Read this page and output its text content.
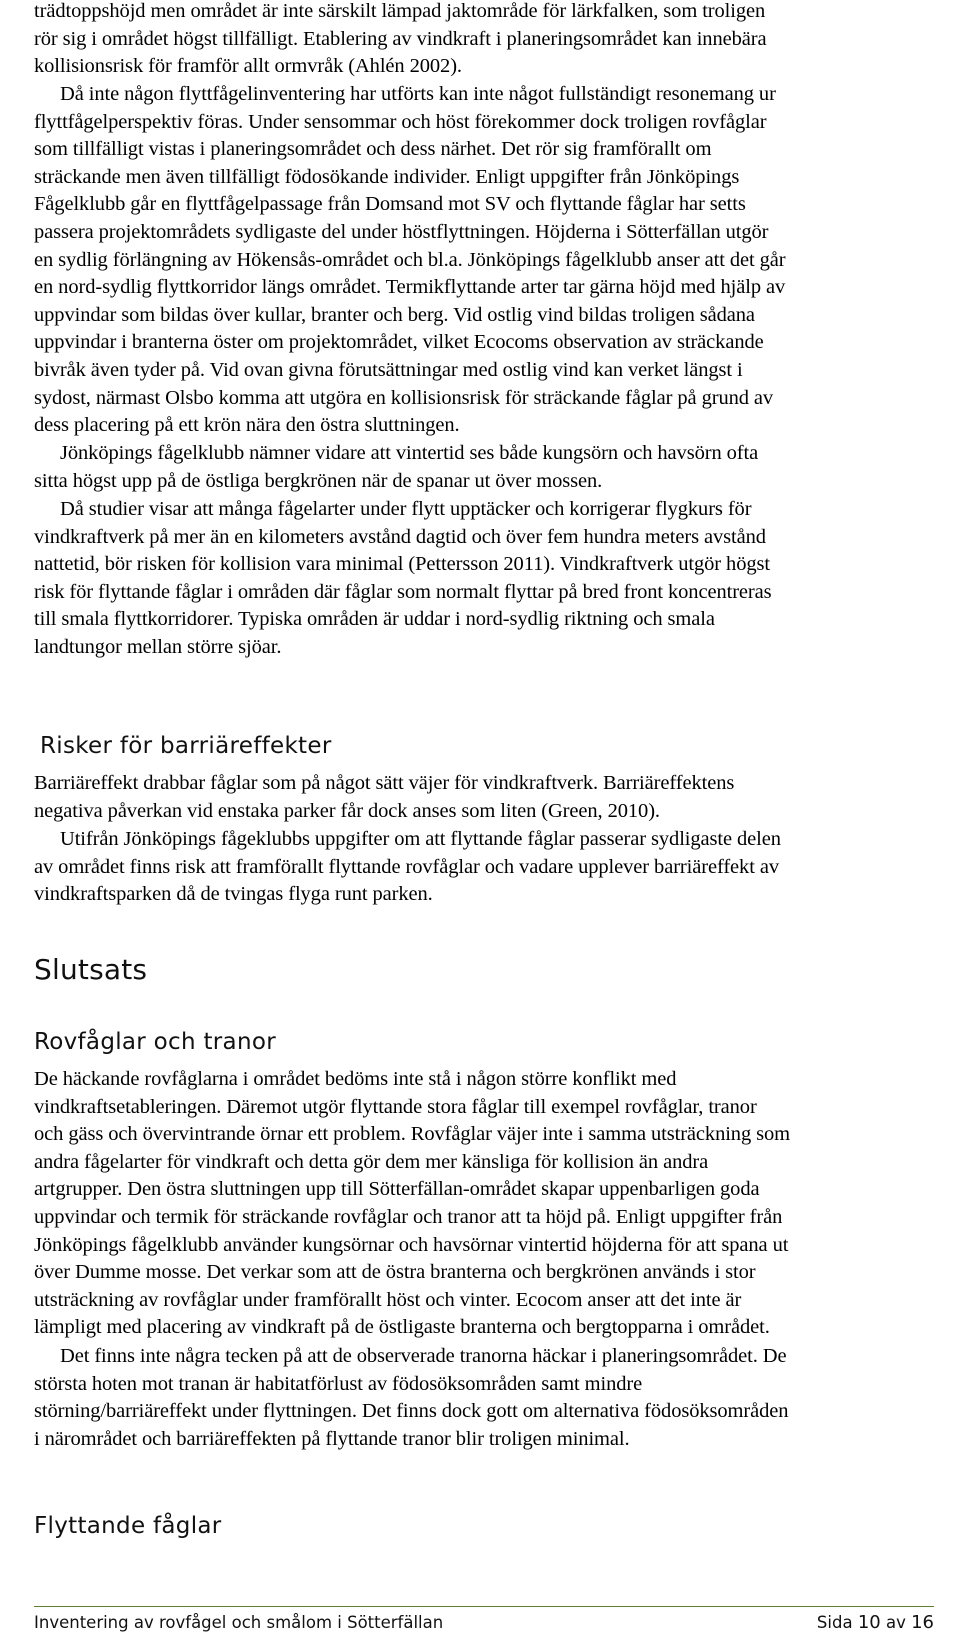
trädtoppshöjd men området är inte särskilt lämpad jaktområde för lärkfalken, som troligen
rör sig i området högst tillfälligt. Etablering av vindkraft i planeringsområdet kan innebära
kollisionsrisk för framför allt ormvråk (Ahlén 2002).

Då inte någon flyttfågelinventering har utförts kan inte något fullständigt resonemang ur
flyttfågelperspektiv föras. Under sensommar och höst förekommer dock troligen rovfåglar
som tillfälligt vistas i planeringsområdet och dess närhet. Det rör sig framförallt om
sträckande men även tillfälligt födosökande individer. Enligt uppgifter från Jönköpings
Fågelklubb går en flyttfågelpassage från Domsand mot SV och flyttande fåglar har setts
passera projektområdets sydligaste del under höstflyttningen. Höjderna i Sötterfällan utgör
en sydlig förlängning av Hökensås-området och bl.a. Jönköpings fågelklubb anser att det går
en nord-sydlig flyttkorridor längs området. Termikflyttande arter tar gärna höjd med hjälp av
uppvindar som bildas över kullar, branter och berg. Vid ostlig vind bildas troligen sådana
uppvindar i branterna öster om projektområdet, vilket Ecocoms observation av sträckande
bivråk även tyder på. Vid ovan givna förutsättningar med ostlig vind kan verket längst i
sydost, närmast Olsbo komma att utgöra en kollisionsrisk för sträckande fåglar på grund av
dess placering på ett krön nära den östra sluttningen.

Jönköpings fågelklubb nämner vidare att vintertid ses både kungsörn och havsörn ofta
sitta högst upp på de östliga bergkrönen när de spanar ut över mossen.

Då studier visar att många fågelarter under flytt upptäcker och korrigerar flygkurs för
vindkraftverk på mer än en kilometers avstånd dagtid och över fem hundra meters avstånd
nattetid, bör risken för kollision vara minimal (Pettersson 2011). Vindkraftverk utgör högst
risk för flyttande fåglar i områden där fåglar som normalt flyttar på bred front koncentreras
till smala flyttkorridorer. Typiska områden är uddar i nord-sydlig riktning och smala
landtungor mellan större sjöar.

Risker för barriäreffekter

Barriäreffekt drabbar fåglar som på något sätt väjer för vindkraftverk. Barriäreffektens
negativa påverkan vid enstaka parker får dock anses som liten (Green, 2010).

Utifrån Jönköpings fågeklubbs uppgifter om att flyttande fåglar passerar sydligaste delen
av området finns risk att framförallt flyttande rovfåglar och vadare upplever barriäreffekt av
vindkraftsparken då de tvingas flyga runt parken.

Slutsats
Rovfåglar och tranor

De häckande rovfåglarna i området bedöms inte stå i någon större konflikt med
vindkraftsetableringen. Däremot utgör flyttande stora fåglar till exempel rovfåglar, tranor
och gäss och övervintrande örnar ett problem. Rovfåglar väjer inte i samma utsträckning som
andra fågelarter för vindkraft och detta gör dem mer känsliga för kollision än andra
artgrupper. Den östra sluttningen upp till Sötterfällan-området skapar uppenbarligen goda
uppvindar och termik för sträckande rovfåglar och tranor att ta höjd på. Enligt uppgifter från
Jönköpings fågelklubb använder kungsörnar och havsörnar vintertid höjderna för att spana ut
över Dumme mosse. Det verkar som att de östra branterna och bergkrönen används i stor
utsträckning av rovfåglar under framförallt höst och vinter. Ecocom anser att det inte är
lämpligt med placering av vindkraft på de östligaste branterna och bergtopparna i området.

Det finns inte några tecken på att de observerade tranorna häckar i planeringsområdet. De
största hoten mot tranan är habitatförlust av födosöksområden samt mindre
störning/barriäreffekt under flyttningen. Det finns dock gott om alternativa födosöksområden
i närområdet och barriäreffekten på flyttande tranor blir troligen minimal.

Flyttande fåglar
Inventering av rovfågel och smålom i Sötterfällan	Sida 10 av 16
